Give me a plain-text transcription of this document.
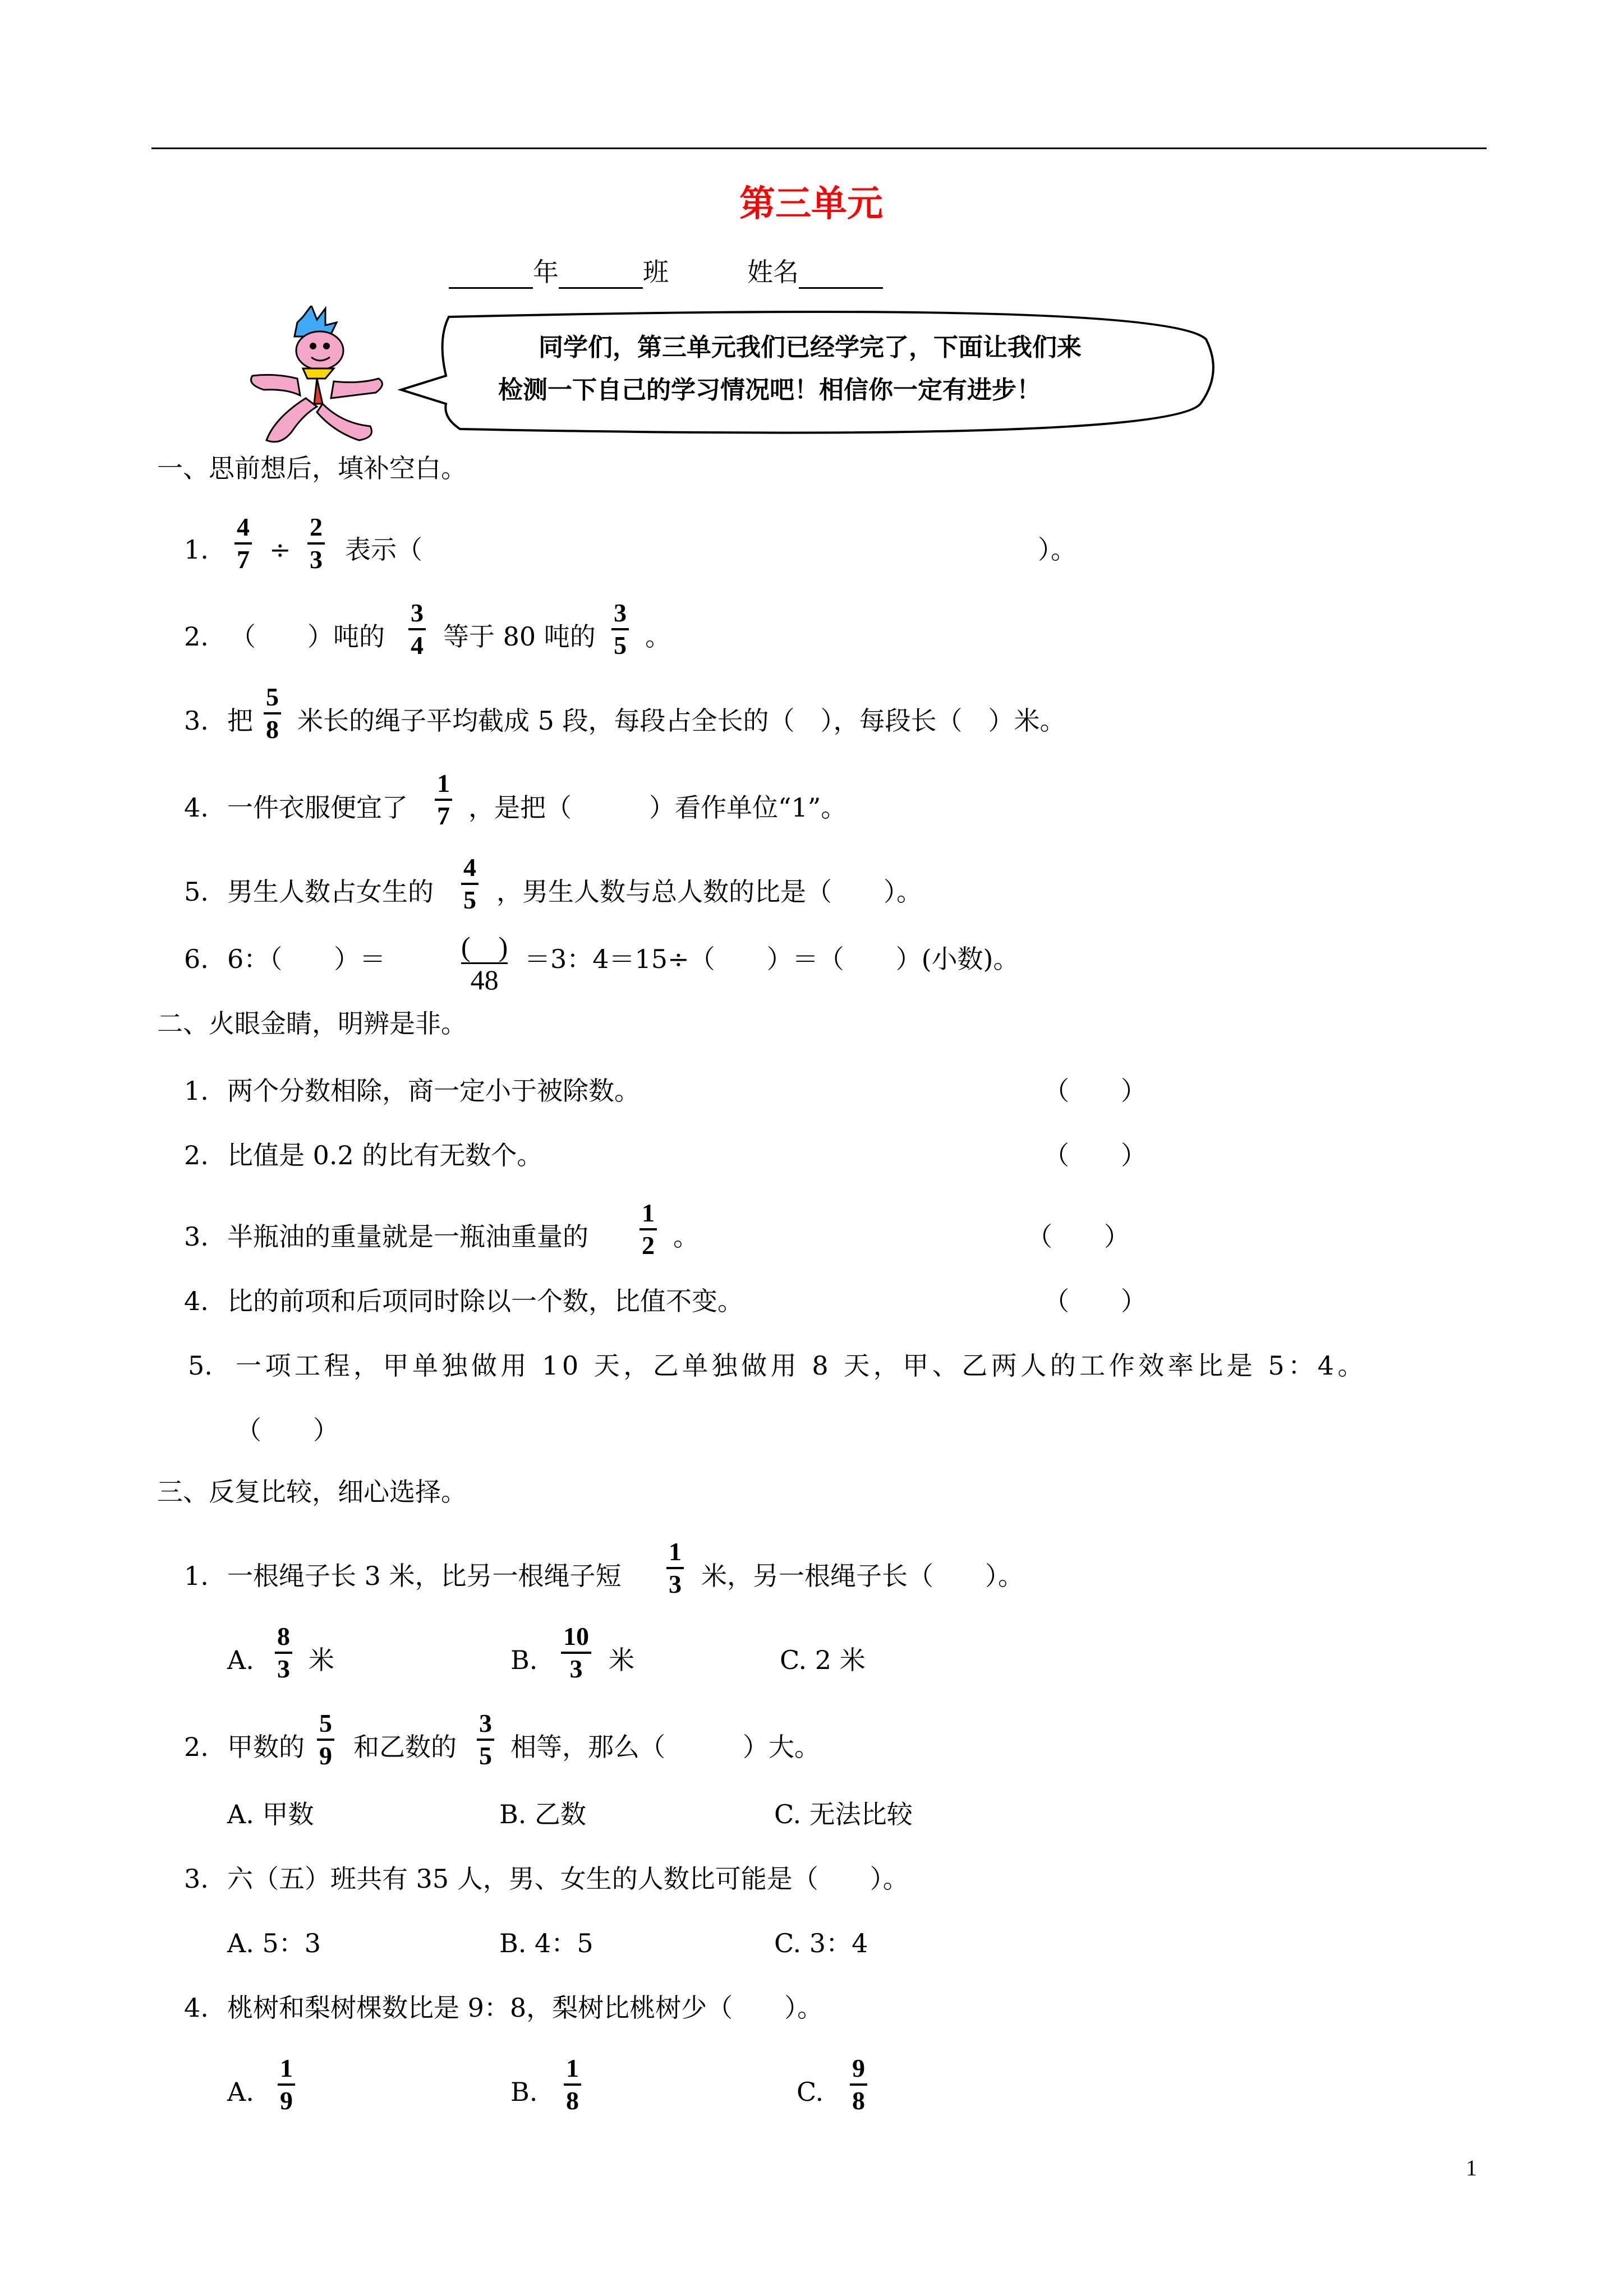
第三单元
年	班	姓名
同学们，第三单元我们已经学完了，下面让我们来
检测一下自己的学习情况吧！相信你一定有进步！
一、思前想后，填补空白。
1.
4
7 ÷
2
3 表示（	）。
2. （　　）吨的
3
4 等于 80 吨的
3
5 。
3. 把
5
8 米长的绳子平均截成 5 段，每段占全长的（　），每段长（　）米。
4. 一件衣服便宜了
1
7 ，是把（　　　）看作单位“1”。
5. 男生人数占女生的
4
5 ，男生人数与总人数的比是（　　）。
6. 6：（　　）＝	(　)
48
＝3：4＝15÷（　　）＝（　　）(小数)。
二、火眼金睛，明辨是非。
1. 两个分数相除，商一定小于被除数。	（　　）
2. 比值是 0.2 的比有无数个。	（　　）
3. 半瓶油的重量就是一瓶油重量的
1
2 。	（　　）
4. 比的前项和后项同时除以一个数，比值不变。	（　　）
5. 一项工程，甲单独做用 10 天，乙单独做用 8 天，甲、乙两人的工作效率比是 5：4。
（　　）
三、反复比较，细心选择。
1. 一根绳子长 3 米，比另一根绳子短
1
3 米，另一根绳子长（　　）。
A.
8
3 米	B.
10
3 米	C. 2 米
2. 甲数的
5
9 和乙数的
3
5 相等，那么（　　　）大。
A. 甲数	B. 乙数	C. 无法比较
3. 六（五）班共有 35 人，男、女生的人数比可能是（　　）。
A. 5：3	B. 4：5	C. 3：4
4. 桃树和梨树棵数比是 9：8，梨树比桃树少（　　）。
A.
1
9	B.
1
8	C.
9
8
1
